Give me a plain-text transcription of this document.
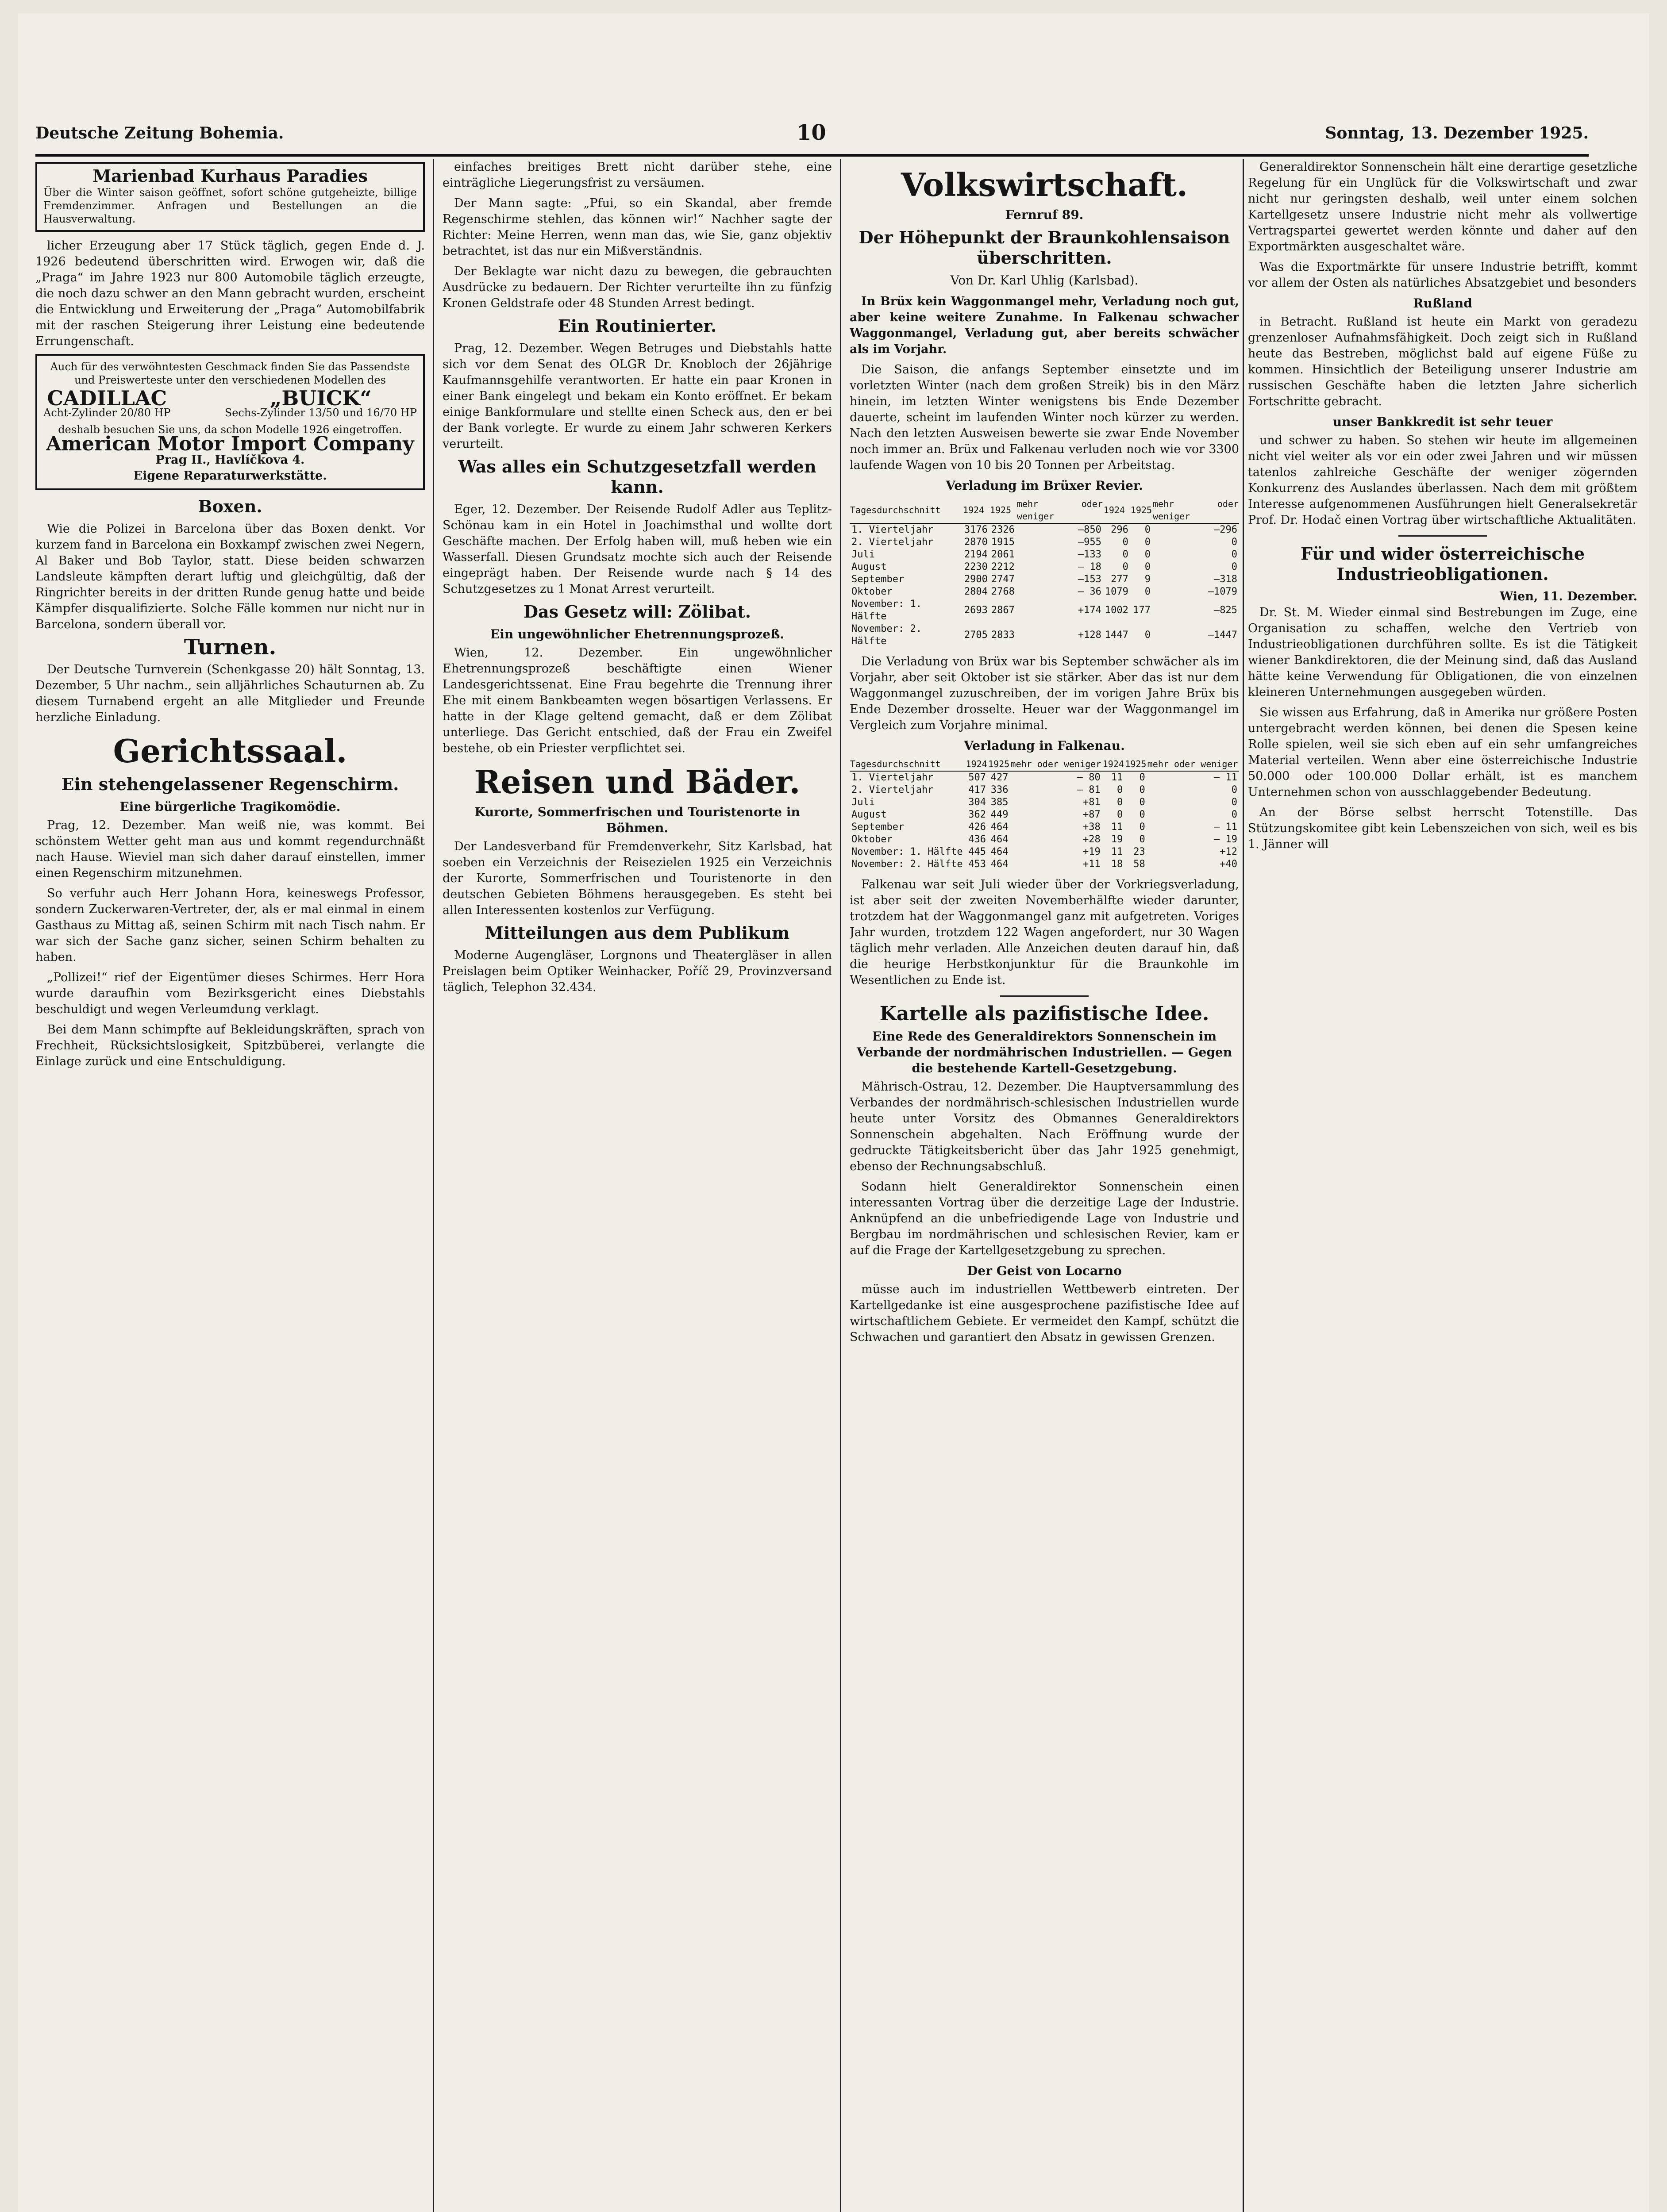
Deutsche Zeitung Bohemia.	10	Sonntag, 13. Dezember 1925.
Marienbad Kurhaus Paradies
Über die Winter saison geöffnet, sofort schöne gutgeheizte, billige Fremdenzimmer. Anfragen und Bestellungen an die Hausverwaltung.

licher Erzeugung aber 17 Stück täglich, gegen Ende d. J. 1926 bedeutend überschritten wird. Erwogen wir, daß die „Praga“ im Jahre 1923 nur 800 Automobile täglich erzeugte, die noch dazu schwer an den Mann gebracht wurden, erscheint die Entwicklung und Erweiterung der „Praga“ Automobilfabrik mit der raschen Steigerung ihrer Leistung eine bedeutende Errungenschaft.

Auch für des verwöhntesten Geschmack finden Sie das Passendste und Preiswerteste unter den verschiedenen Modellen des
CADILLAC
Acht-Zylinder 20/80 HP
„BUICK“
Sechs-Zylinder 13/50 und 16/70 HP
deshalb besuchen Sie uns, da schon Modelle 1926 eingetroffen.
American Motor Import Company
Prag II., Havlíčkova 4.
Eigene Reparaturwerkstätte.
Boxen.

Wie die Polizei in Barcelona über das Boxen denkt. Vor kurzem fand in Barcelona ein Boxkampf zwischen zwei Negern, Al Baker und Bob Taylor, statt. Diese beiden schwarzen Landsleute kämpften derart luftig und gleichgültig, daß der Ringrichter bereits in der dritten Runde genug hatte und beide Kämpfer disqualifizierte. Solche Fälle kommen nur nicht nur in Barcelona, sondern überall vor.

Turnen.

Der Deutsche Turnverein (Schenkgasse 20) hält Sonntag, 13. Dezember, 5 Uhr nachm., sein alljährliches Schauturnen ab. Zu diesem Turnabend ergeht an alle Mitglieder und Freunde herzliche Einladung.

Gerichtssaal.
Ein stehengelassener Regenschirm.
Eine bürgerliche Tragikomödie.

Prag, 12. Dezember. Man weiß nie, was kommt. Bei schönstem Wetter geht man aus und kommt regendurchnäßt nach Hause. Wieviel man sich daher darauf einstellen, immer einen Regenschirm mitzunehmen.

So verfuhr auch Herr Johann Hora, keineswegs Professor, sondern Zuckerwaren-Vertreter, der, als er mal einmal in einem Gasthaus zu Mittag aß, seinen Schirm mit nach Tisch nahm. Er war sich der Sache ganz sicher, seinen Schirm behalten zu haben.

„Pollizei!“ rief der Eigentümer dieses Schirmes. Herr Hora wurde daraufhin vom Bezirksgericht eines Diebstahls beschuldigt und wegen Verleumdung verklagt.

Bei dem Mann schimpfte auf Bekleidungskräften, sprach von Frechheit, Rücksichtslosigkeit, Spitzbüberei, verlangte die Einlage zurück und eine Entschuldigung.

einfaches breitiges Brett nicht darüber stehe, eine einträgliche Liegerungsfrist zu versäumen.

Der Mann sagte: „Pfui, so ein Skandal, aber fremde Regenschirme stehlen, das können wir!“ Nachher sagte der Richter: Meine Herren, wenn man das, wie Sie, ganz objektiv betrachtet, ist das nur ein Mißverständnis.

Der Beklagte war nicht dazu zu bewegen, die gebrauchten Ausdrücke zu bedauern. Der Richter verurteilte ihn zu fünfzig Kronen Geldstrafe oder 48 Stunden Arrest bedingt.

Ein Routinierter.

Prag, 12. Dezember. Wegen Betruges und Diebstahls hatte sich vor dem Senat des OLGR Dr. Knobloch der 26jährige Kaufmannsgehilfe verantworten. Er hatte ein paar Kronen in einer Bank eingelegt und bekam ein Konto eröffnet. Er bekam einige Bankformulare und stellte einen Scheck aus, den er bei der Bank vorlegte. Er wurde zu einem Jahr schweren Kerkers verurteilt.

Was alles ein Schutzgesetzfall werden kann.

Eger, 12. Dezember. Der Reisende Rudolf Adler aus Teplitz-Schönau kam in ein Hotel in Joachimsthal und wollte dort Geschäfte machen. Der Erfolg haben will, muß heben wie ein Wasserfall. Diesen Grundsatz mochte sich auch der Reisende eingeprägt haben. Der Reisende wurde nach § 14 des Schutzgesetzes zu 1 Monat Arrest verurteilt.

Das Gesetz will: Zölibat.
Ein ungewöhnlicher Ehetrennungsprozeß.

Wien, 12. Dezember. Ein ungewöhnlicher Ehetrennungsprozeß beschäftigte einen Wiener Landesgerichtssenat. Eine Frau begehrte die Trennung ihrer Ehe mit einem Bankbeamten wegen bösartigen Verlassens. Er hatte in der Klage geltend gemacht, daß er dem Zölibat unterliege. Das Gericht entschied, daß der Frau ein Zweifel bestehe, ob ein Priester verpflichtet sei.

Reisen und Bäder.
Kurorte, Sommerfrischen und Touristenorte in Böhmen.

Der Landesverband für Fremdenverkehr, Sitz Karlsbad, hat soeben ein Verzeichnis der Reisezielen 1925 ein Verzeichnis der Kurorte, Sommerfrischen und Touristenorte in den deutschen Gebieten Böhmens herausgegeben. Es steht bei allen Interessenten kostenlos zur Verfügung.

Mitteilungen aus dem Publikum

Moderne Augengläser, Lorgnons und Theatergläser in allen Preislagen beim Optiker Weinhacker, Poříč 29, Provinzversand täglich, Telephon 32.434.

Volkswirtschaft.
Fernruf 89.
Der Höhepunkt der Braunkohlensaison überschritten.
Von Dr. Karl Uhlig (Karlsbad).

In Brüx kein Waggonmangel mehr, Verladung noch gut, aber keine weitere Zunahme. In Falkenau schwacher Waggonmangel, Verladung gut, aber bereits schwächer als im Vorjahr.

Die Saison, die anfangs September einsetzte und im vorletzten Winter (nach dem großen Streik) bis in den März hinein, im letzten Winter wenigstens bis Ende Dezember dauerte, scheint im laufenden Winter noch kürzer zu werden. Nach den letzten Ausweisen bewerte sie zwar Ende November noch immer an. Brüx und Falkenau verluden noch wie vor 3300 laufende Wagen von 10 bis 20 Tonnen per Arbeitstag.

Verladung im Brüxer Revier.
Tagesdurchschnitt	1924	1925	mehr oder weniger	1924	1925	mehr oder weniger
1. Vierteljahr	3176	2326	—850	296	0	—296
2. Vierteljahr	2870	1915	—955	0	0	0
Juli	2194	2061	—133	0	0	0
August	2230	2212	— 18	0	0	0
September	2900	2747	—153	277	9	—318
Oktober	2804	2768	— 36	1079	0	—1079
November: 1. Hälfte	2693	2867	+174	1002	177	—825
November: 2. Hälfte	2705	2833	+128	1447	0	—1447

Die Verladung von Brüx war bis September schwächer als im Vorjahr, aber seit Oktober ist sie stärker. Aber das ist nur dem Waggonmangel zuzuschreiben, der im vorigen Jahre Brüx bis Ende Dezember drosselte. Heuer war der Waggonmangel im Vergleich zum Vorjahre minimal.

Verladung in Falkenau.
Tagesdurchschnitt	1924	1925	mehr oder weniger	1924	1925	mehr oder weniger
1. Vierteljahr	507	427	— 80	11	0	— 11
2. Vierteljahr	417	336	— 81	0	0	0
Juli	304	385	+81	0	0	0
August	362	449	+87	0	0	0
September	426	464	+38	11	0	— 11
Oktober	436	464	+28	19	0	— 19
November: 1. Hälfte	445	464	+19	11	23	+12
November: 2. Hälfte	453	464	+11	18	58	+40

Falkenau war seit Juli wieder über der Vorkriegsverladung, ist aber seit der zweiten Novemberhälfte wieder darunter, trotzdem hat der Waggonmangel ganz mit aufgetreten. Voriges Jahr wurden, trotzdem 122 Wagen angefordert, nur 30 Wagen täglich mehr verladen. Alle Anzeichen deuten darauf hin, daß die heurige Herbstkonjunktur für die Braunkohle im Wesentlichen zu Ende ist.

Kartelle als pazifistische Idee.
Eine Rede des Generaldirektors Sonnenschein im Verbande der nordmährischen Industriellen. — Gegen die bestehende Kartell-Gesetzgebung.

Mährisch-Ostrau, 12. Dezember. Die Hauptversammlung des Verbandes der nordmährisch-schlesischen Industriellen wurde heute unter Vorsitz des Obmannes Generaldirektors Sonnenschein abgehalten. Nach Eröffnung wurde der gedruckte Tätigkeitsbericht über das Jahr 1925 genehmigt, ebenso der Rechnungsabschluß.

Sodann hielt Generaldirektor Sonnenschein einen interessanten Vortrag über die derzeitige Lage der Industrie. Anknüpfend an die unbefriedigende Lage von Industrie und Bergbau im nordmährischen und schlesischen Revier, kam er auf die Frage der Kartellgesetzgebung zu sprechen.

Der Geist von Locarno

müsse auch im industriellen Wettbewerb eintreten. Der Kartellgedanke ist eine ausgesprochene pazifistische Idee auf wirtschaftlichem Gebiete. Er vermeidet den Kampf, schützt die Schwachen und garantiert den Absatz in gewissen Grenzen.

Generaldirektor Sonnenschein hält eine derartige gesetzliche Regelung für ein Unglück für die Volkswirtschaft und zwar nicht nur geringsten deshalb, weil unter einem solchen Kartellgesetz unsere Industrie nicht mehr als vollwertige Vertragspartei gewertet werden könnte und daher auf den Exportmärkten ausgeschaltet wäre.

Was die Exportmärkte für unsere Industrie betrifft, kommt vor allem der Osten als natürliches Absatzgebiet und besonders

Rußland

in Betracht. Rußland ist heute ein Markt von geradezu grenzenloser Aufnahmsfähigkeit. Doch zeigt sich in Rußland heute das Bestreben, möglichst bald auf eigene Füße zu kommen. Hinsichtlich der Beteiligung unserer Industrie am russischen Geschäfte haben die letzten Jahre sicherlich Fortschritte gebracht.

unser Bankkredit ist sehr teuer

und schwer zu haben. So stehen wir heute im allgemeinen nicht viel weiter als vor ein oder zwei Jahren und wir müssen tatenlos zahlreiche Geschäfte der weniger zögernden Konkurrenz des Auslandes überlassen. Nach dem mit größtem Interesse aufgenommenen Ausführungen hielt Generalsekretär Prof. Dr. Hodač einen Vortrag über wirtschaftliche Aktualitäten.

Für und wider österreichische Industrieobligationen.
Wien, 11. Dezember.

Dr. St. M. Wieder einmal sind Bestrebungen im Zuge, eine Organisation zu schaffen, welche den Vertrieb von Industrieobligationen durchführen sollte. Es ist die Tätigkeit wiener Bankdirektoren, die der Meinung sind, daß das Ausland hätte keine Verwendung für Obligationen, die von einzelnen kleineren Unternehmungen ausgegeben würden.

Sie wissen aus Erfahrung, daß in Amerika nur größere Posten untergebracht werden können, bei denen die Spesen keine Rolle spielen, weil sie sich eben auf ein sehr umfangreiches Material verteilen. Wenn aber eine österreichische Industrie 50.000 oder 100.000 Dollar erhält, ist es manchem Unternehmen schon von ausschlaggebender Bedeutung.

An der Börse selbst herrscht Totenstille. Das Stützungskomitee gibt kein Lebenszeichen von sich, weil es bis 1. Jänner will
